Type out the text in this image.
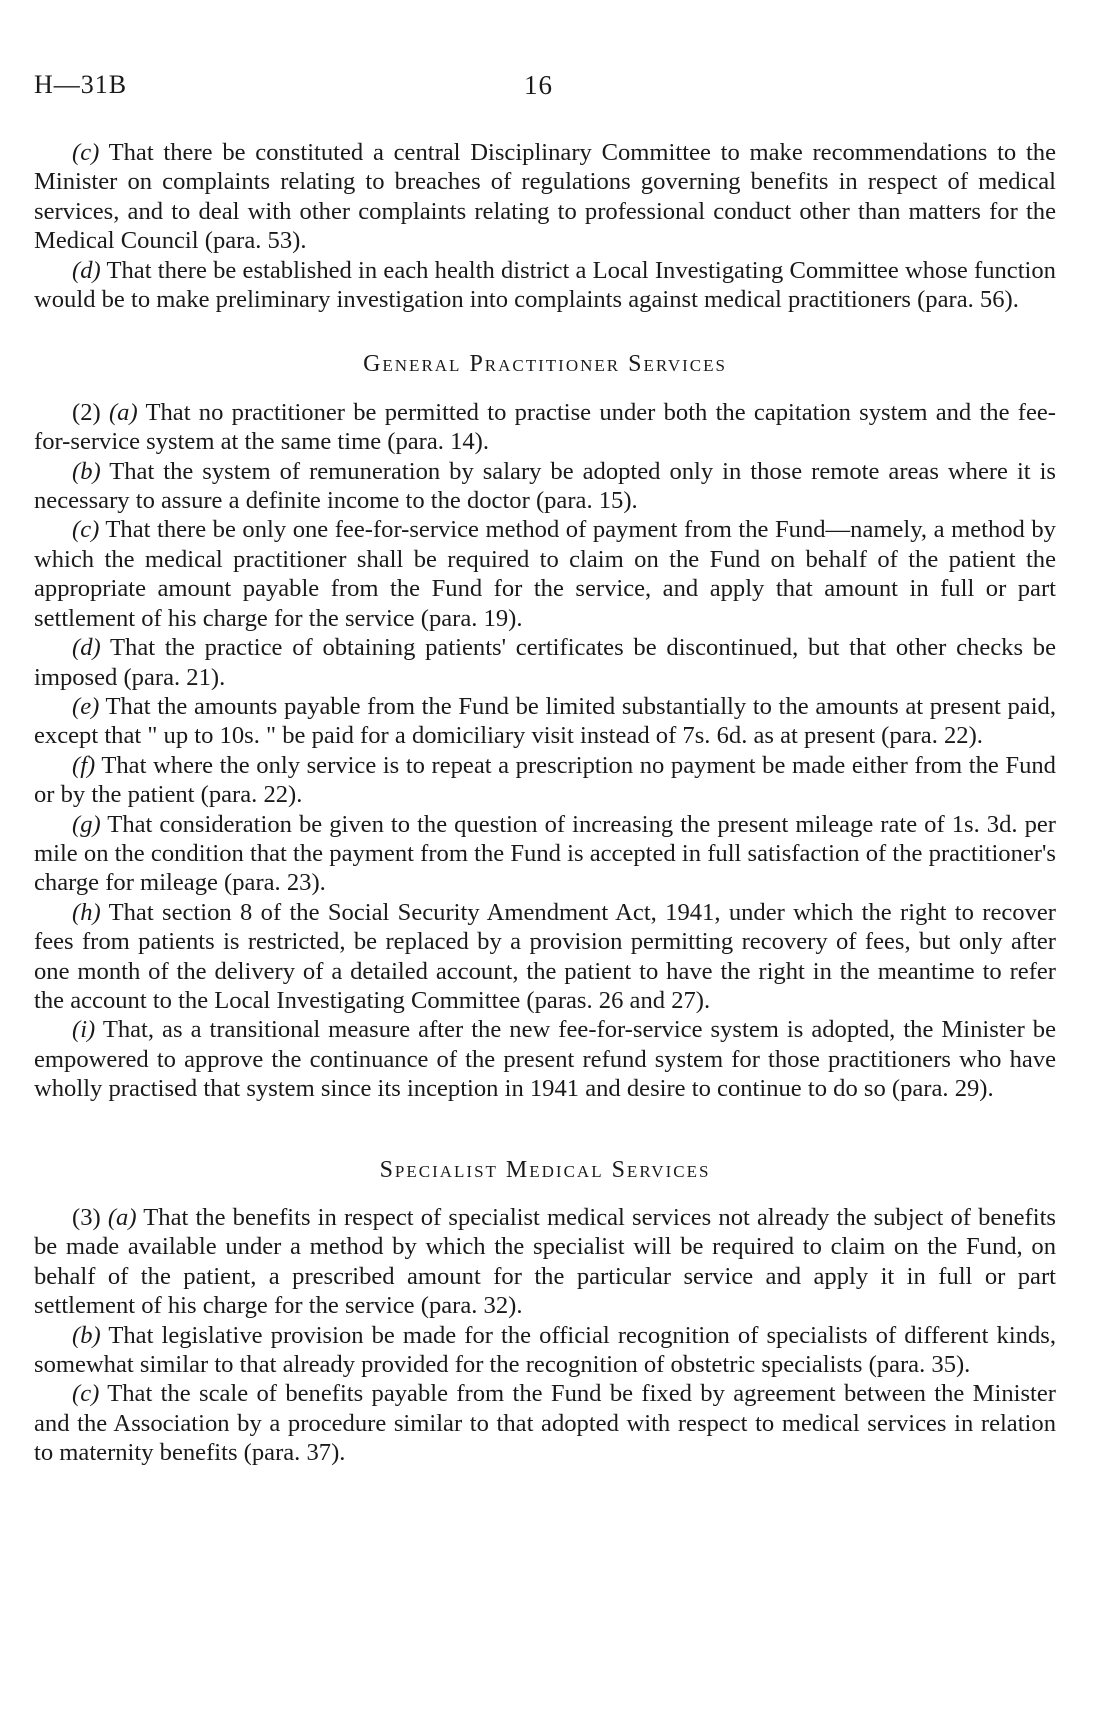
H—31B	16

(c) That there be constituted a central Disciplinary Committee to make recommendations to the Minister on complaints relating to breaches of regulations governing benefits in respect of medical services, and to deal with other complaints relating to professional conduct other than matters for the Medical Council (para. 53).

(d) That there be established in each health district a Local Investigating Committee whose function would be to make preliminary investigation into complaints against medical practitioners (para. 56).

General Practitioner Services

(2) (a) That no practitioner be permitted to practise under both the capitation system and the fee-for-service system at the same time (para. 14).

(b) That the system of remuneration by salary be adopted only in those remote areas where it is necessary to assure a definite income to the doctor (para. 15).

(c) That there be only one fee-for-service method of payment from the Fund—namely, a method by which the medical practitioner shall be required to claim on the Fund on behalf of the patient the appropriate amount payable from the Fund for the service, and apply that amount in full or part settlement of his charge for the service (para. 19).

(d) That the practice of obtaining patients' certificates be discontinued, but that other checks be imposed (para. 21).

(e) That the amounts payable from the Fund be limited substantially to the amounts at present paid, except that " up to 10s. " be paid for a domiciliary visit instead of 7s. 6d. as at present (para. 22).

(f) That where the only service is to repeat a prescription no payment be made either from the Fund or by the patient (para. 22).

(g) That consideration be given to the question of increasing the present mileage rate of 1s. 3d. per mile on the condition that the payment from the Fund is accepted in full satisfaction of the practitioner's charge for mileage (para. 23).

(h) That section 8 of the Social Security Amendment Act, 1941, under which the right to recover fees from patients is restricted, be replaced by a provision permitting recovery of fees, but only after one month of the delivery of a detailed account, the patient to have the right in the meantime to refer the account to the Local Investigating Committee (paras. 26 and 27).

(i) That, as a transitional measure after the new fee-for-service system is adopted, the Minister be empowered to approve the continuance of the present refund system for those practitioners who have wholly practised that system since its inception in 1941 and desire to continue to do so (para. 29).

Specialist Medical Services

(3) (a) That the benefits in respect of specialist medical services not already the subject of benefits be made available under a method by which the specialist will be required to claim on the Fund, on behalf of the patient, a prescribed amount for the particular service and apply it in full or part settlement of his charge for the service (para. 32).

(b) That legislative provision be made for the official recognition of specialists of different kinds, somewhat similar to that already provided for the recognition of obstetric specialists (para. 35).

(c) That the scale of benefits payable from the Fund be fixed by agreement between the Minister and the Association by a procedure similar to that adopted with respect to medical services in relation to maternity benefits (para. 37).
